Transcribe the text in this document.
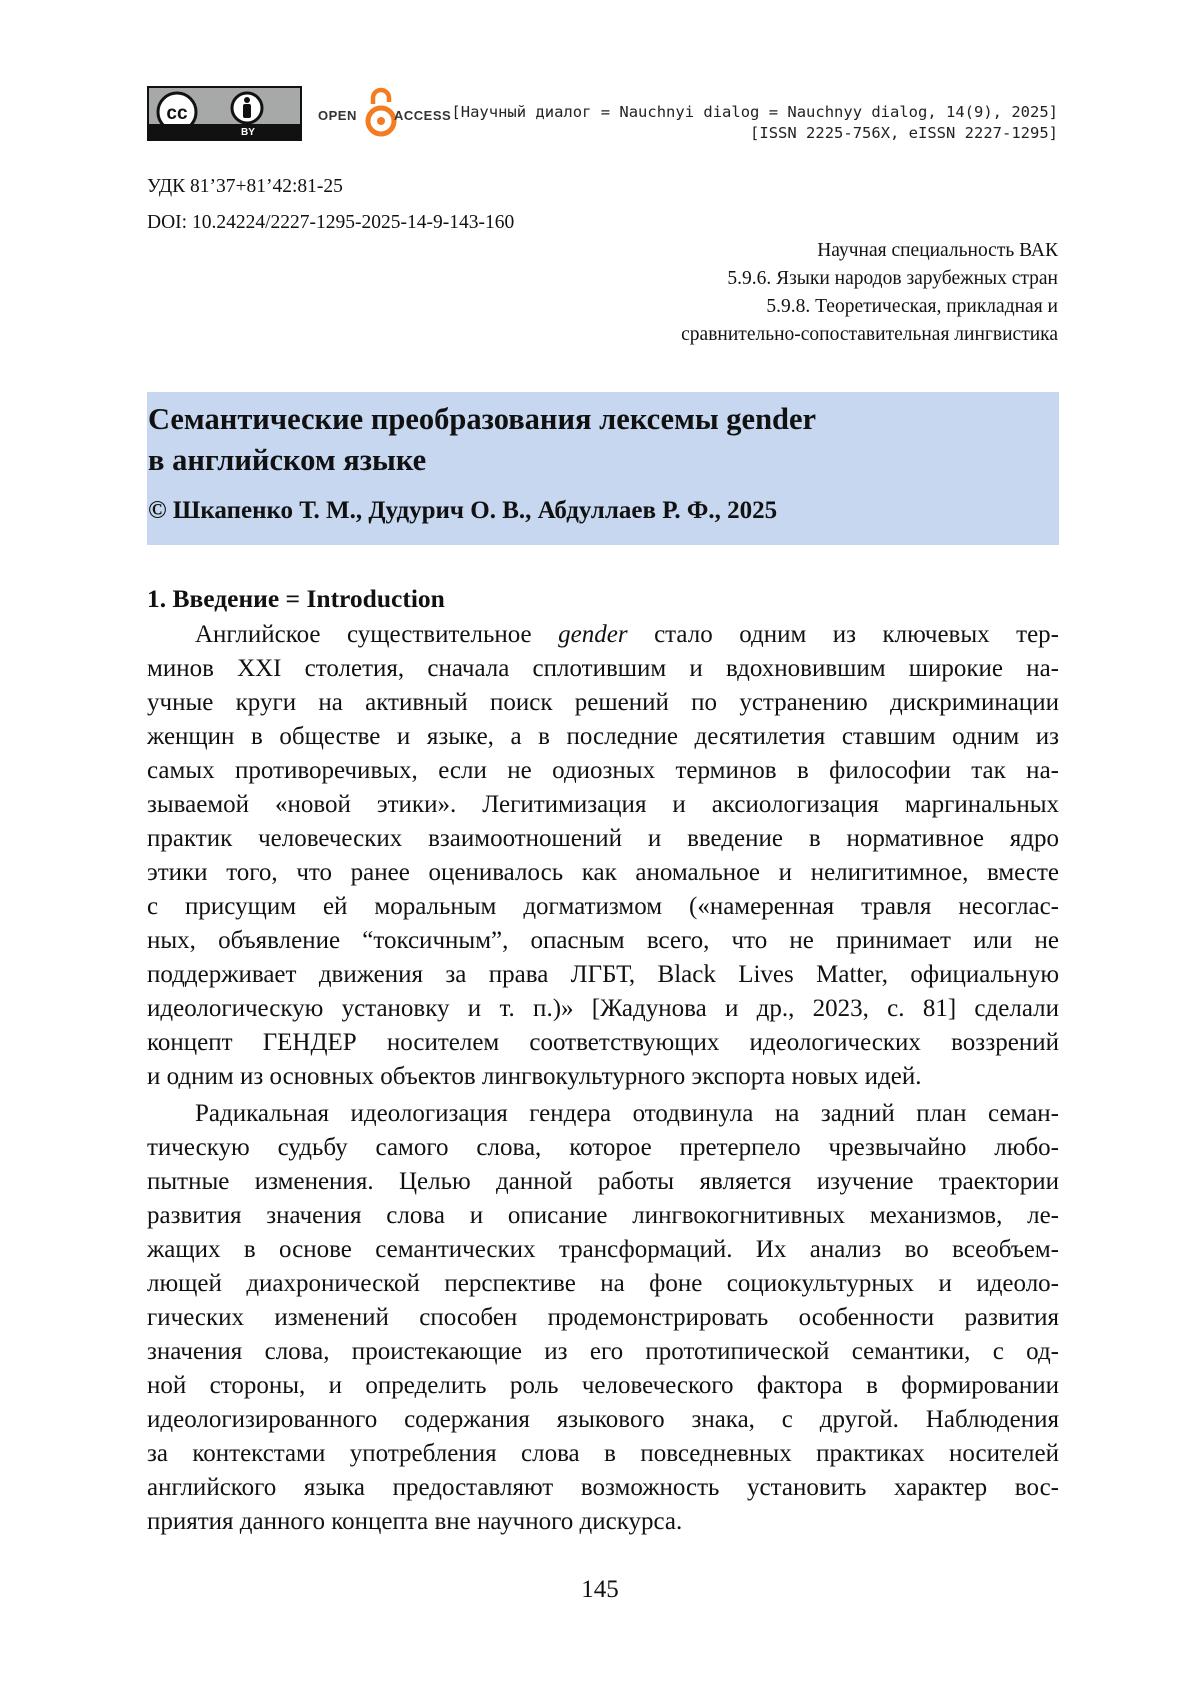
cc
BY
OPEN	ACCESS [Научный диалог = Nauchnyi dialog = Nauchnyy dialog, 14(9), 2025]
[ISSN 2225-756X, eISSN 2227-1295]
УДК 81’37+81’42:81-25
DOI: 10.24224/2227-1295-2025-14-9-143-160
Научная специальность ВАК
5.9.6. Языки народов зарубежных стран
5.9.8. Теоретическая, прикладная и
сравнительно-сопоставительная лингвистика
Семантические преобразования лексемы gender
в английском языке
© Шкапенко Т. М., Дудурич О. В., Абдуллаев Р. Ф., 2025
1. Введение = Introduction
Английское существительное gender стало одним из ключевых тер-
минов XXI столетия, сначала сплотившим и вдохновившим широкие на-
учные круги на активный поиск решений по устранению дискриминации
женщин в обществе и языке, а в последние десятилетия ставшим одним из
самых противоречивых, если не одиозных терминов в философии так на-
зываемой «новой этики». Легитимизация и аксиологизация маргинальных
практик человеческих взаимоотношений и введение в нормативное ядро
этики того, что ранее оценивалось как аномальное и нелигитимное, вместе
с присущим ей моральным догматизмом («намеренная травля несоглас-
ных, объявление “токсичным”, опасным всего, что не принимает или не
поддерживает движения за права ЛГБТ, Black Lives Matter, официальную
идеологическую установку и т. п.)» [Жадунова и др., 2023, с. 81] сделали
концепт ГЕНДЕР носителем соответствующих идеологических воззрений
и одним из основных объектов лингвокультурного экспорта новых идей.
Радикальная идеологизация гендера отодвинула на задний план семан-
тическую судьбу самого слова, которое претерпело чрезвычайно любо-
пытные изменения. Целью данной работы является изучение траектории
развития значения слова и описание лингвокогнитивных механизмов, ле-
жащих в основе семантических трансформаций. Их анализ во всеобъем-
лющей диахронической перспективе на фоне социокультурных и идеоло-
гических изменений способен продемонстрировать особенности развития
значения слова, проистекающие из его прототипической семантики, с од-
ной стороны, и определить роль человеческого фактора в формировании
идеологизированного содержания языкового знака, с другой. Наблюдения
за контекстами употребления слова в повседневных практиках носителей
английского языка предоставляют возможность установить характер вос-
приятия данного концепта вне научного дискурса.
145
